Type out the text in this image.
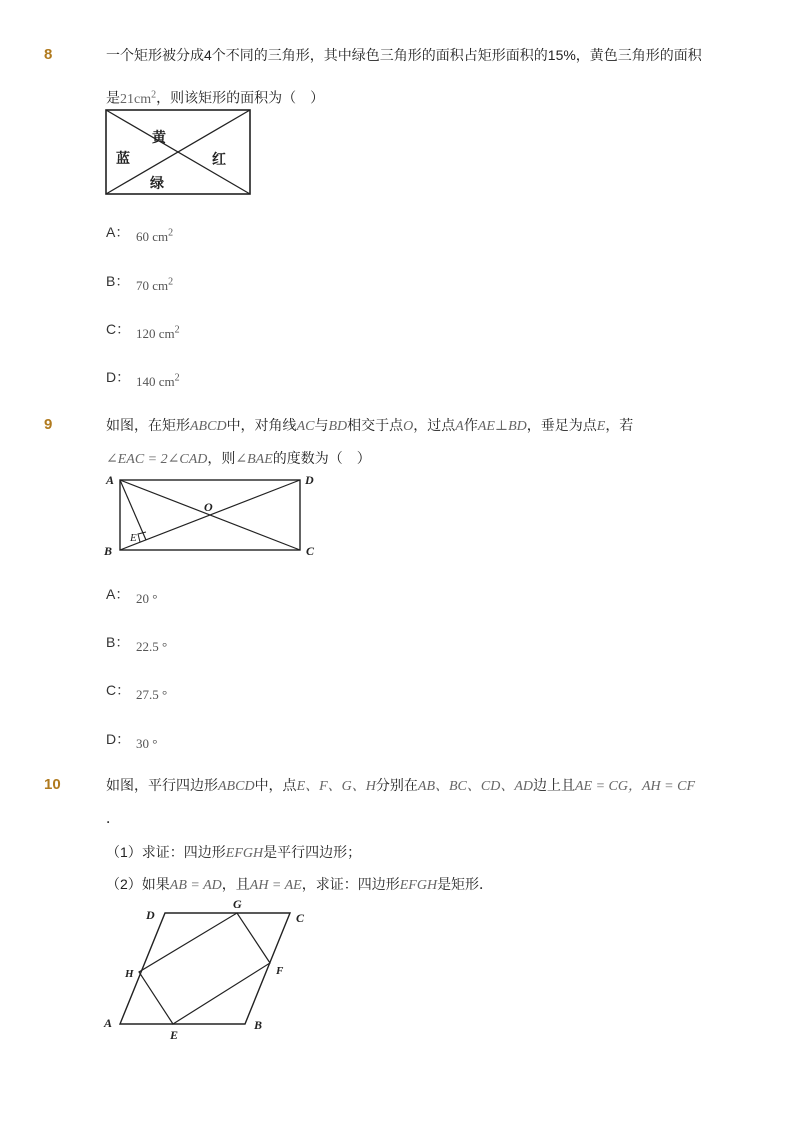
8	一个矩形被分成4个不同的三角形，其中绿色三角形的面积占矩形面积的15%，黄色三角形的面积
是$21cm^2$，则该矩形的面积为（　）
黄
蓝	红
绿
A： 60 $cm^2$
B： 70 $cm^2$
C： 120 $cm^2$
D： 140 $cm^2$
9	如图，在矩形ABCD中，对角线AC与BD相交于点O，过点A作AE⊥BD，垂足为点E，若
∠EAC = 2∠CAD，则∠BAE的度数为（　）
A
B	C
D
O
E
A： 20 °
B： 22.5 °
C： 27.5 °
D： 30 °
10	如图，平行四边形ABCD中，点E、F、G、H分别在AB、BC、CD、AD边上且AE = CG，AH = CF
．
（1）求证：四边形EFGH是平行四边形；
（2）如果AB = AD，且AH = AE，求证：四边形EFGH是矩形．
A	B
C
D
E
F
G
H
